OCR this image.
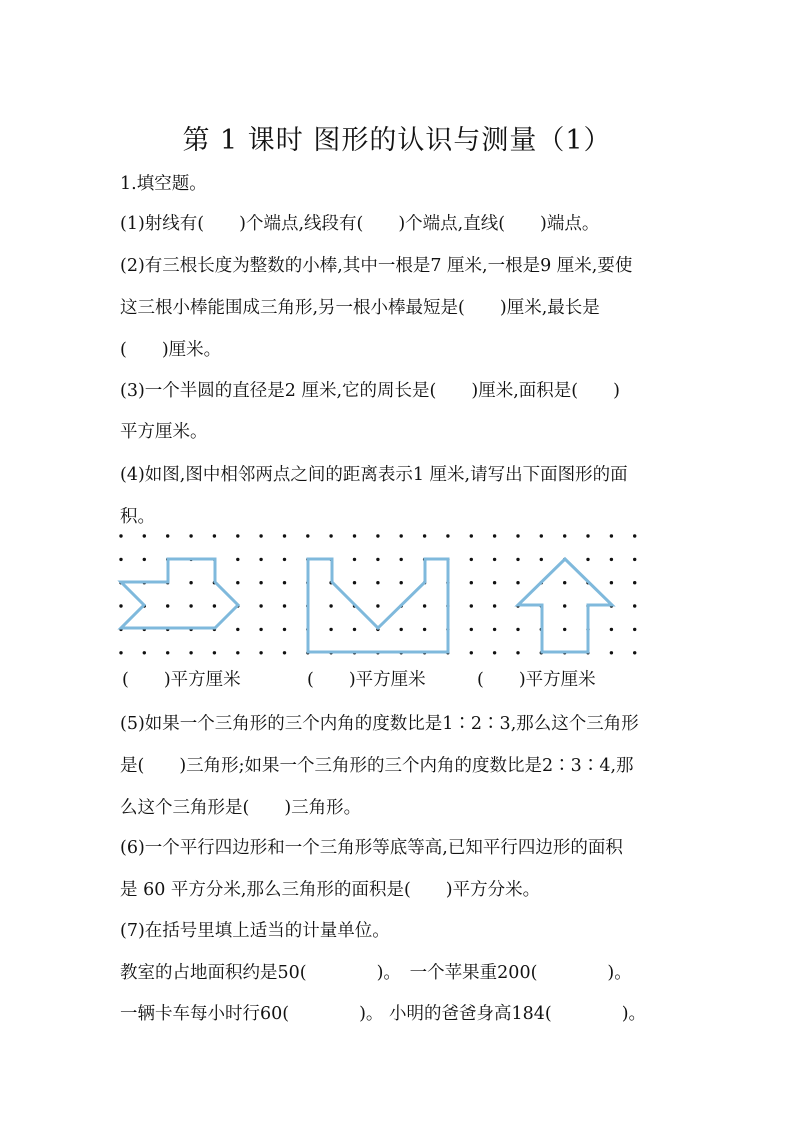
第 1 课时 图形的认识与测量（1）
1.填空题。
(1)射线有(　　)个端点,线段有(　　)个端点,直线(　　)端点。
(2)有三根长度为整数的小棒,其中一根是7 厘米,一根是9 厘米,要使
这三根小棒能围成三角形,另一根小棒最短是(　　)厘米,最长是
(　　)厘米。
(3)一个半圆的直径是2 厘米,它的周长是(　　)厘米,面积是(　　)
平方厘米。
(4)如图,图中相邻两点之间的距离表示1 厘米,请写出下面图形的面
积。
(　　)平方厘米	(　　)平方厘米	(　　)平方厘米
(5)如果一个三角形的三个内角的度数比是1∶2∶3,那么这个三角形
是(　　)三角形;如果一个三角形的三个内角的度数比是2∶3∶4,那
么这个三角形是(　　)三角形。
(6)一个平行四边形和一个三角形等底等高,已知平行四边形的面积
是 60 平方分米,那么三角形的面积是(　　)平方分米。
(7)在括号里填上适当的计量单位。
教室的占地面积约是50(　　　　)。　一个苹果重200(　　　　)。
一辆卡车每小时行60(　　　　)。 小明的爸爸身高184(　　　　)。
